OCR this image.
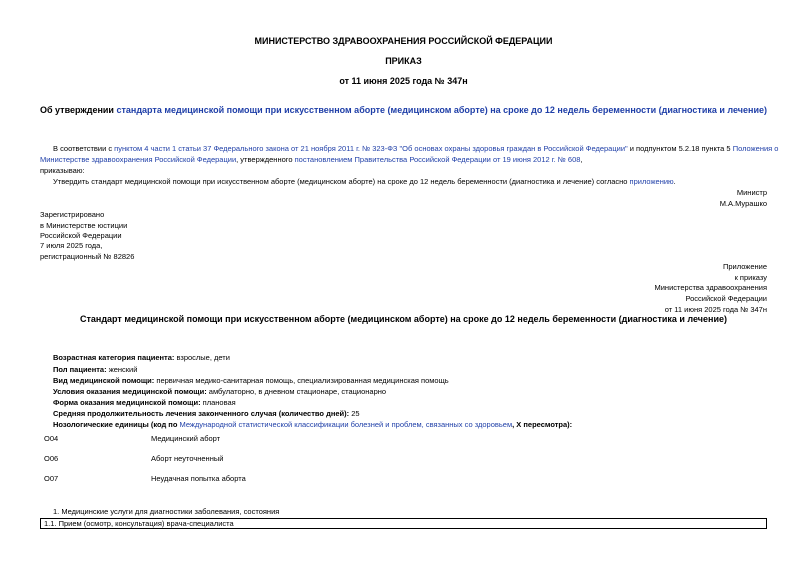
МИНИСТЕРСТВО ЗДРАВООХРАНЕНИЯ РОССИЙСКОЙ ФЕДЕРАЦИИ
ПРИКАЗ
от 11 июня 2025 года № 347н
Об утверждении стандарта медицинской помощи при искусственном аборте (медицинском аборте) на сроке до 12 недель беременности (диагностика и лечение)
В соответствии с пунктом 4 части 1 статьи 37 Федерального закона от 21 ноября 2011 г. № 323-ФЗ "Об основах охраны здоровья граждан в Российской Федерации" и подпунктом 5.2.18 пункта 5 Положения о
Министерстве здравоохранения Российской Федерации, утвержденного постановлением Правительства Российской Федерации от 19 июня 2012 г. № 608,
приказываю:
Утвердить стандарт медицинской помощи при искусственном аборте (медицинском аборте) на сроке до 12 недель беременности (диагностика и лечение) согласно приложению.
Министр
М.А.Мурашко
Зарегистрировано
в Министерстве юстиции
Российской Федерации
7 июля 2025 года,
регистрационный № 82826
Приложение
к приказу
Министерства здравоохранения
Российской Федерации
от 11 июня 2025 года № 347н
Стандарт медицинской помощи при искусственном аборте (медицинском аборте) на сроке до 12 недель беременности (диагностика и лечение)
Возрастная категория пациента: взрослые, дети
Пол пациента: женский
Вид медицинской помощи: первичная медико-санитарная помощь, специализированная медицинская помощь
Условия оказания медицинской помощи: амбулаторно, в дневном стационаре, стационарно
Форма оказания медицинской помощи: плановая
Средняя продолжительность лечения законченного случая (количество дней): 25
Нозологические единицы (код по Международной статистической классификации болезней и проблем, связанных со здоровьем, X пересмотра):
O04	Медицинский аборт
O06	Аборт неуточненный
O07	Неудачная попытка аборта
1. Медицинские услуги для диагностики заболевания, состояния
1.1. Прием (осмотр, консультация) врача-специалиста
